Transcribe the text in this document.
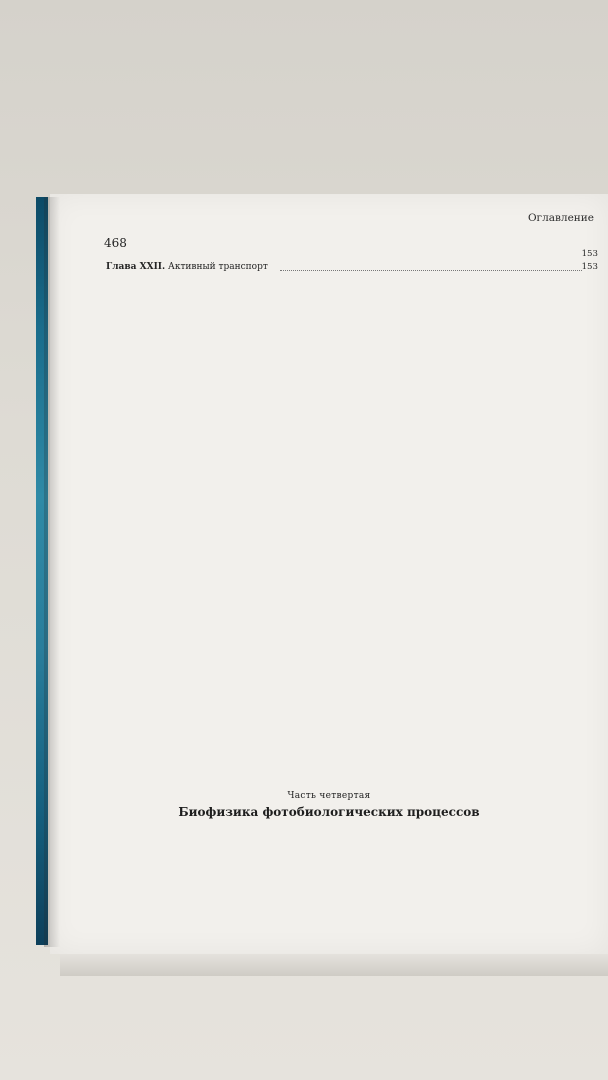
Оглавление
468
153
Глава XXII. Активный транспорт	153
Часть четвертая
Биофизика фотобиологических процессов
